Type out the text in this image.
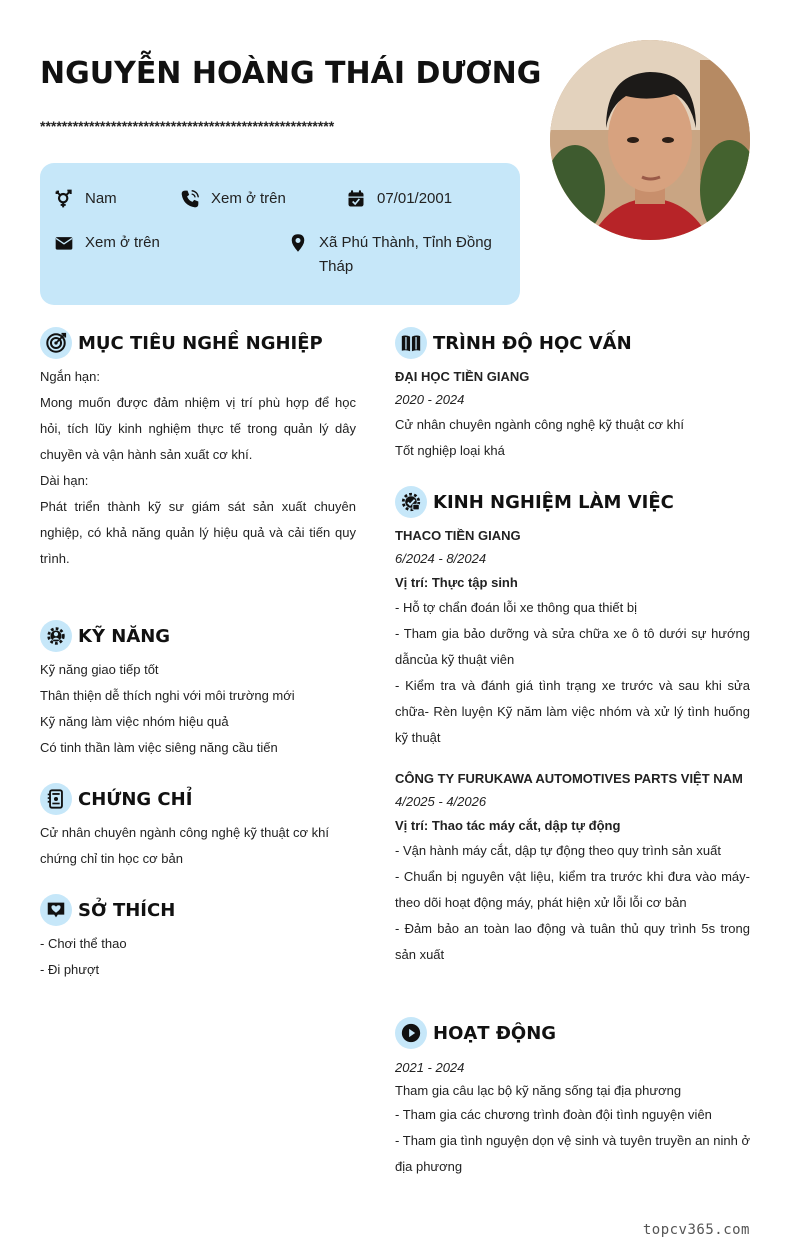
NGUYỄN HOÀNG THÁI DƯƠNG
******************************************************
Nam	Xem ở trên	07/01/2001
Xem ở trên	Xã Phú Thành, Tỉnh Đồng Tháp
MỤC TIÊU NGHỀ NGHIỆP
Ngắn hạn:
Mong muốn được đảm nhiệm vị trí phù hợp để học hỏi, tích lũy kinh nghiệm thực tế trong quản lý dây chuyền và vận hành sản xuất cơ khí.
Dài hạn:
Phát triển thành kỹ sư giám sát sản xuất chuyên nghiệp, có khả năng quản lý hiệu quả và cải tiến quy trình.
KỸ NĂNG
Kỹ năng giao tiếp tốt
Thân thiện dễ thích nghi với môi trường mới
Kỹ năng làm việc nhóm hiệu quả
Có tinh thần làm việc siêng năng cầu tiến
CHỨNG CHỈ
Cử nhân chuyên ngành công nghệ kỹ thuật cơ khí
chứng chỉ tin học cơ bản
SỞ THÍCH
- Chơi thể thao
- Đi phượt
TRÌNH ĐỘ HỌC VẤN
ĐẠI HỌC TIỀN GIANG
2020 - 2024
Cử nhân chuyên ngành công nghệ kỹ thuật cơ khí
Tốt nghiệp loại khá
KINH NGHIỆM LÀM VIỆC
THACO TIỀN GIANG
6/2024 - 8/2024
Vị trí: Thực tập sinh
- Hỗ tợ chẩn đoán lỗi xe thông qua thiết bị
- Tham gia bảo dưỡng và sửa chữa xe ô tô dưới sự hướng dẫncủa kỹ thuật viên
- Kiểm tra và đánh giá tình trạng xe trước và sau khi sửa chữa- Rèn luyện Kỹ năm làm việc nhóm và xử lý tình huống kỹ thuật
CÔNG TY FURUKAWA AUTOMOTIVES PARTS VIỆT NAM
4/2025 - 4/2026
Vị trí: Thao tác máy cắt, dập tự động
- Vận hành máy cắt, dập tự động theo quy trình sản xuất
- Chuẩn bị nguyên vật liệu, kiểm tra trước khi đưa vào máy- theo dõi hoạt động máy, phát hiện xử lỗi lỗi cơ bản
- Đảm bảo an toàn lao động và tuân thủ quy trình 5s trong sản xuất
HOẠT ĐỘNG
2021 - 2024
Tham gia câu lạc bộ kỹ năng sống tại địa phương
- Tham gia các chương trình đoàn đội tình nguyện viên
- Tham gia tình nguyện dọn vệ sinh và tuyên truyền an ninh ở địa phương
topcv365.com
